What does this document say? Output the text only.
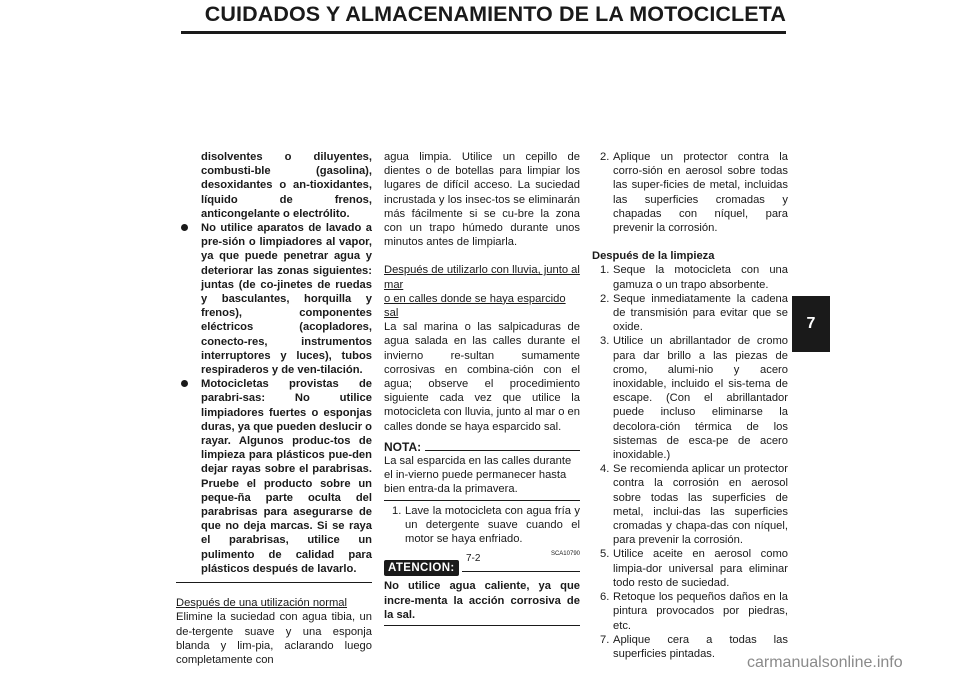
CUIDADOS Y ALMACENAMIENTO DE LA MOTOCICLETA

disolventes o diluyentes, combusti-ble (gasolina), desoxidantes o an-tioxidantes, líquido de frenos, anticongelante o electrólito.

No utilice aparatos de lavado a pre-sión o limpiadores al vapor, ya que puede penetrar agua y deteriorar las zonas siguientes: juntas (de co-jinetes de ruedas y basculantes, horquilla y frenos), componentes eléctricos (acopladores, conecto-res, instrumentos interruptores y luces), tubos respiraderos y de ven-tilación.

Motocicletas provistas de parabri-sas: No utilice limpiadores fuertes o esponjas duras, ya que pueden deslucir o rayar. Algunos produc-tos de limpieza para plásticos pue-den dejar rayas sobre el parabrisas. Pruebe el producto sobre un peque-ña parte oculta del parabrisas para asegurarse de que no deja marcas. Si se raya el parabrisas, utilice un pulimento de calidad para plásticos después de lavarlo.

Después de una utilización normal

Elimine la suciedad con agua tibia, un de-tergente suave y una esponja blanda y lim-pia, aclarando luego completamente con

agua limpia. Utilice un cepillo de dientes o de botellas para limpiar los lugares de difícil acceso. La suciedad incrustada y los insec-tos se eliminarán más fácilmente si se cu-bre la zona con un trapo húmedo durante unos minutos antes de limpiarla.

Después de utilizarlo con lluvia, junto al mar

o en calles donde se haya esparcido sal

La sal marina o las salpicaduras de agua salada en las calles durante el invierno re-sultan sumamente corrosivas en combina-ción con el agua; observe el procedimiento siguiente cada vez que utilice la motocicleta con lluvia, junto al mar o en calles donde se haya esparcido sal.

NOTA:

La sal esparcida en las calles durante el in-vierno puede permanecer hasta bien entra-da la primavera.

1. Lave la motocicleta con agua fría y un detergente suave cuando el motor se haya enfriado.

SCA10790
ATENCION:

No utilice agua caliente, ya que incre-menta la acción corrosiva de la sal.

2. Aplique un protector contra la corro-sión en aerosol sobre todas las super-ficies de metal, incluidas las superficies cromadas y chapadas con níquel, para prevenir la corrosión.

Después de la limpieza

1. Seque la motocicleta con una gamuza o un trapo absorbente.

2. Seque inmediatamente la cadena de transmisión para evitar que se oxide.

3. Utilice un abrillantador de cromo para dar brillo a las piezas de cromo, alumi-nio y acero inoxidable, incluido el sis-tema de escape. (Con el abrillantador puede incluso eliminarse la decolora-ción térmica de los sistemas de esca-pe de acero inoxidable.)

4. Se recomienda aplicar un protector contra la corrosión en aerosol sobre todas las superficies de metal, inclui-das las superficies cromadas y chapa-das con níquel, para prevenir la corrosión.

5. Utilice aceite en aerosol como limpia-dor universal para eliminar todo resto de suciedad.

6. Retoque los pequeños daños en la pintura provocados por piedras, etc.

7. Aplique cera a todas las superficies pintadas.

7
7-2
carmanualsonline.info
